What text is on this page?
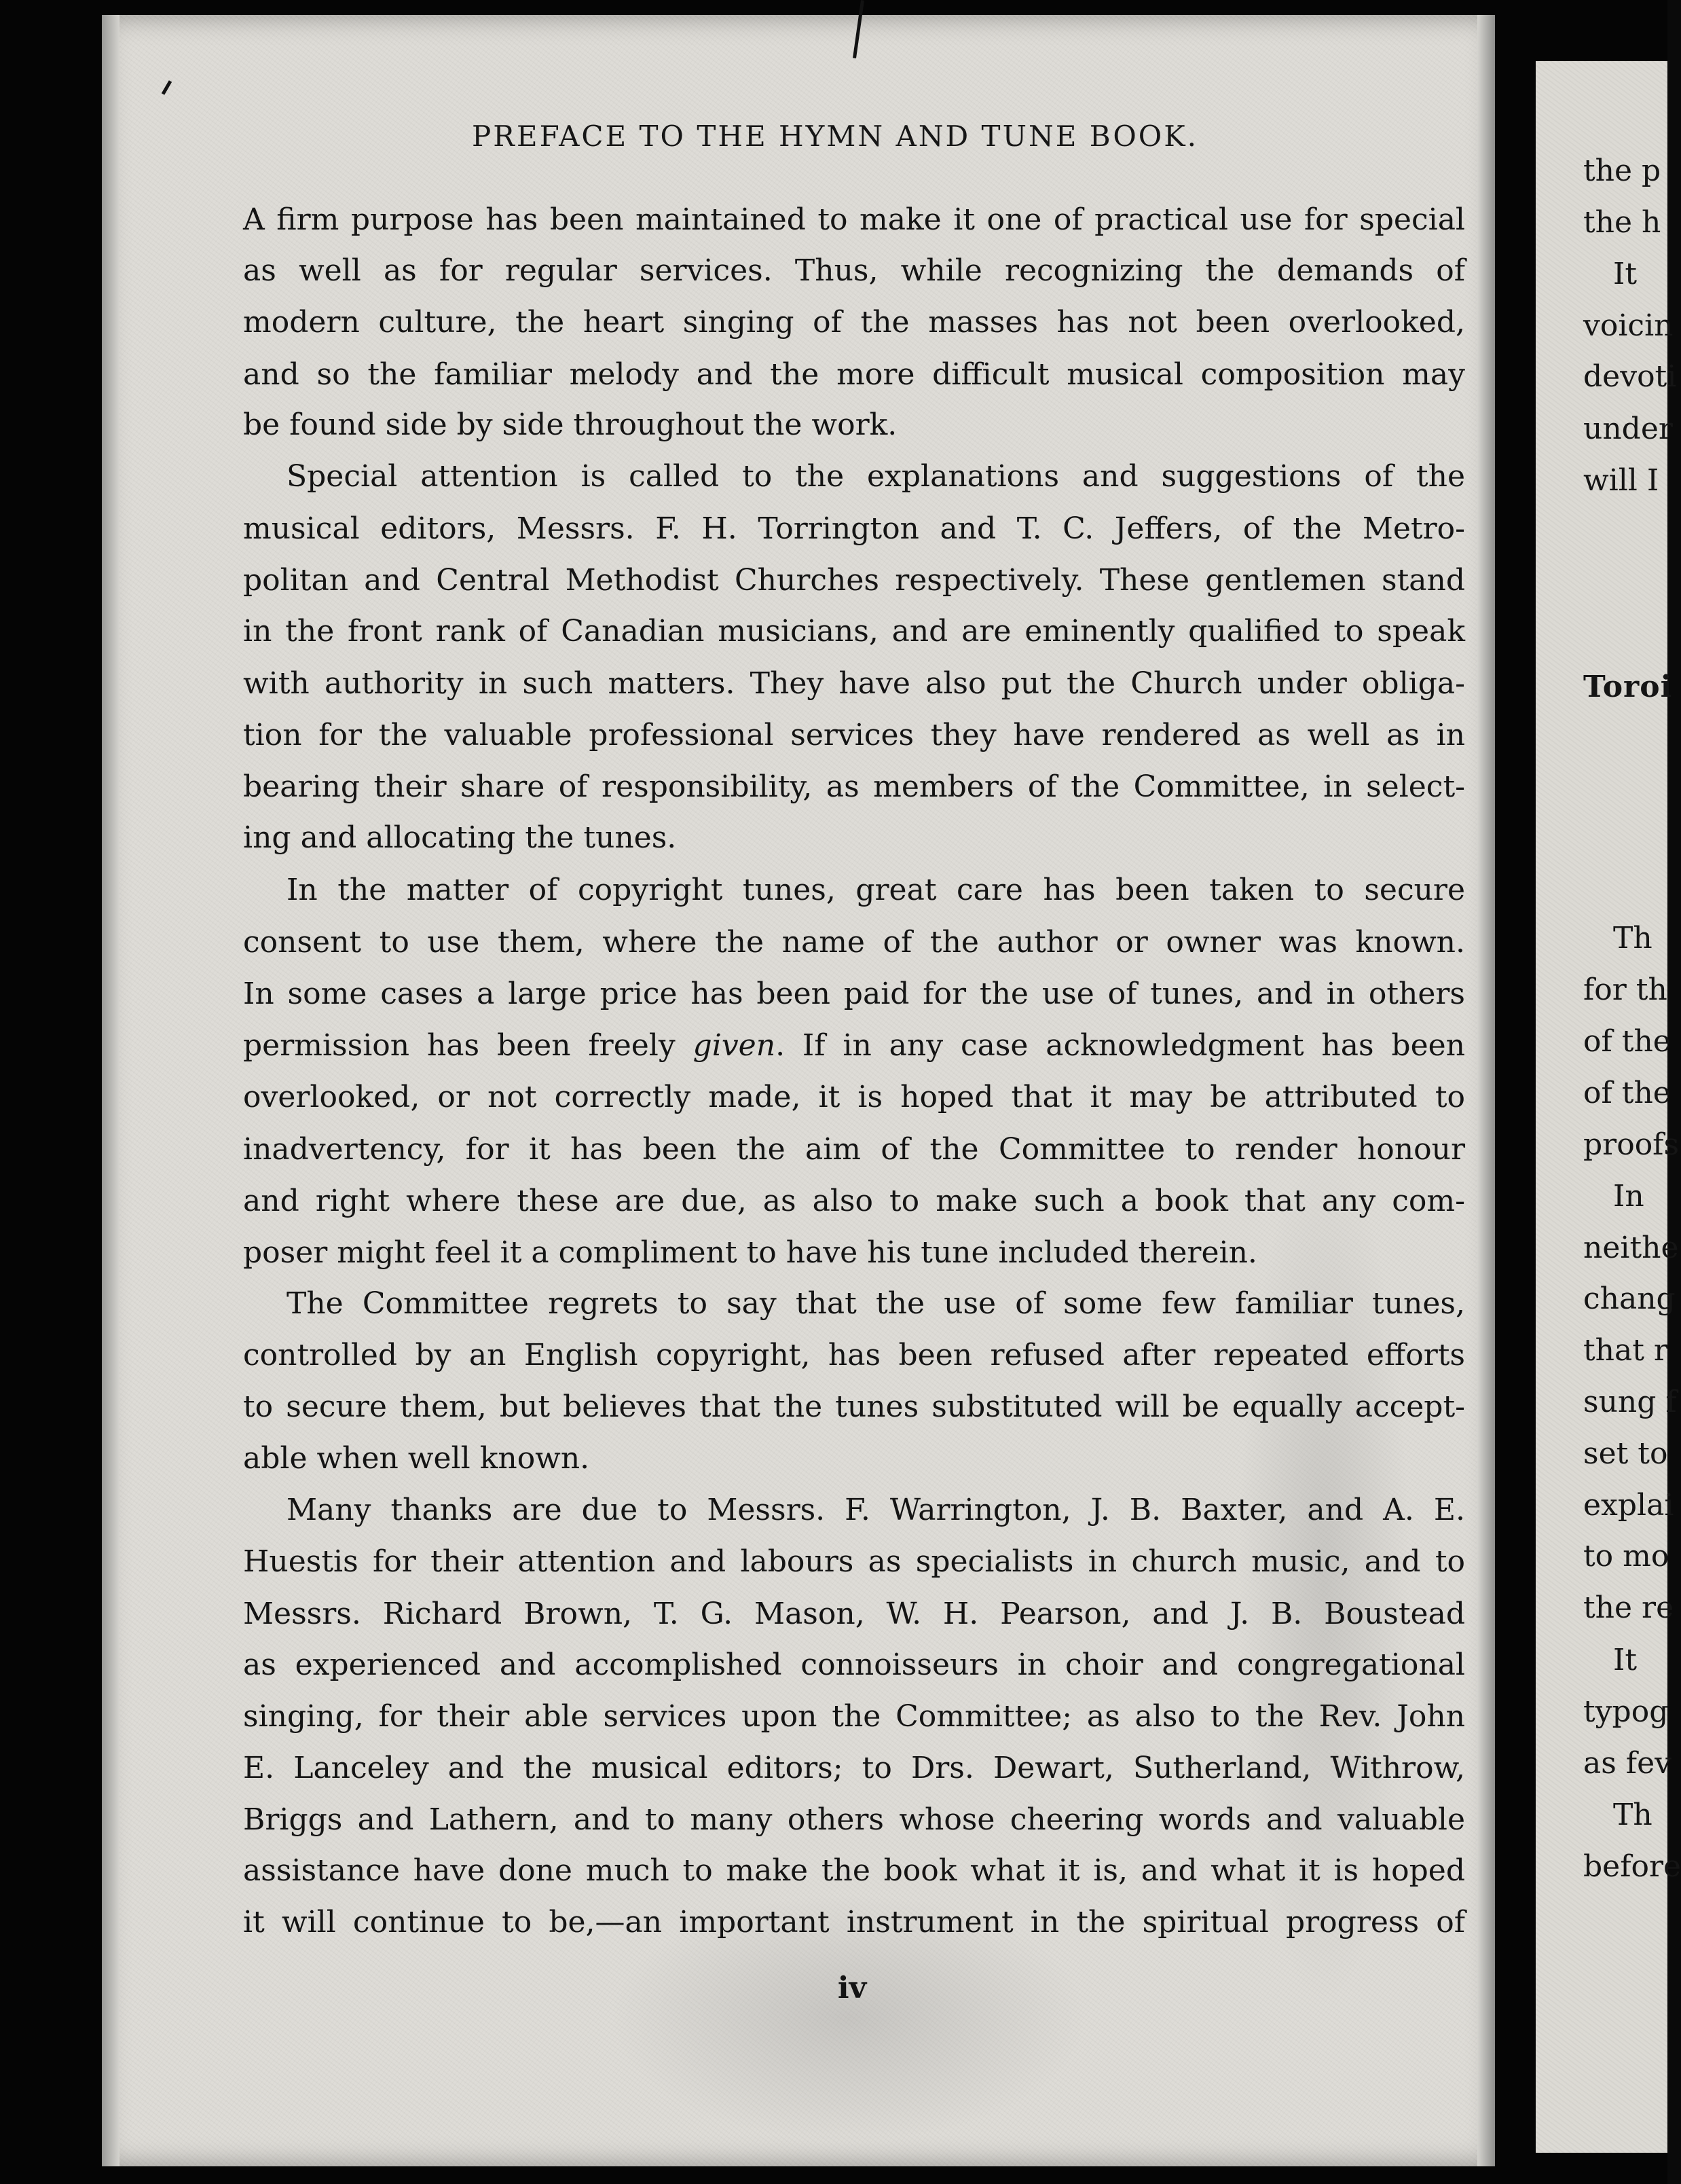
PREFACE TO THE HYMN AND TUNE BOOK.
A firm purpose has been maintained to make it one of practical use for special
as well as for regular services. Thus, while recognizing the demands of
modern culture, the heart singing of the masses has not been overlooked,
and so the familiar melody and the more difficult musical composition may
be found side by side throughout the work.
Special attention is called to the explanations and suggestions of the
musical editors, Messrs. F. H. Torrington and T. C. Jeffers, of the Metro-
politan and Central Methodist Churches respectively. These gentlemen stand
in the front rank of Canadian musicians, and are eminently qualified to speak
with authority in such matters. They have also put the Church under obliga-
tion for the valuable professional services they have rendered as well as in
bearing their share of responsibility, as members of the Committee, in select-
ing and allocating the tunes.
In the matter of copyright tunes, great care has been taken to secure
consent to use them, where the name of the author or owner was known.
In some cases a large price has been paid for the use of tunes, and in others
permission has been freely given. If in any case acknowledgment has been
overlooked, or not correctly made, it is hoped that it may be attributed to
inadvertency, for it has been the aim of the Committee to render honour
and right where these are due, as also to make such a book that any com-
poser might feel it a compliment to have his tune included therein.
The Committee regrets to say that the use of some few familiar tunes,
controlled by an English copyright, has been refused after repeated efforts
to secure them, but believes that the tunes substituted will be equally accept-
able when well known.
Many thanks are due to Messrs. F. Warrington, J. B. Baxter, and A. E.
Huestis for their attention and labours as specialists in church music, and to
Messrs. Richard Brown, T. G. Mason, W. H. Pearson, and J. B. Boustead
as experienced and accomplished connoisseurs in choir and congregational
singing, for their able services upon the Committee; as also to the Rev. John
E. Lanceley and the musical editors; to Drs. Dewart, Sutherland, Withrow,
Briggs and Lathern, and to many others whose cheering words and valuable
assistance have done much to make the book what it is, and what it is hoped
it will continue to be,—an important instrument in the spiritual progress of
iv
the p
the h
It
voicin
devoti
under
will I
Toroi
Th
for th
of the
of the
proofs
In
neithe
chang
that r
sung f
set to
explai
to mo
the re
It
typog
as fev
Th
before
